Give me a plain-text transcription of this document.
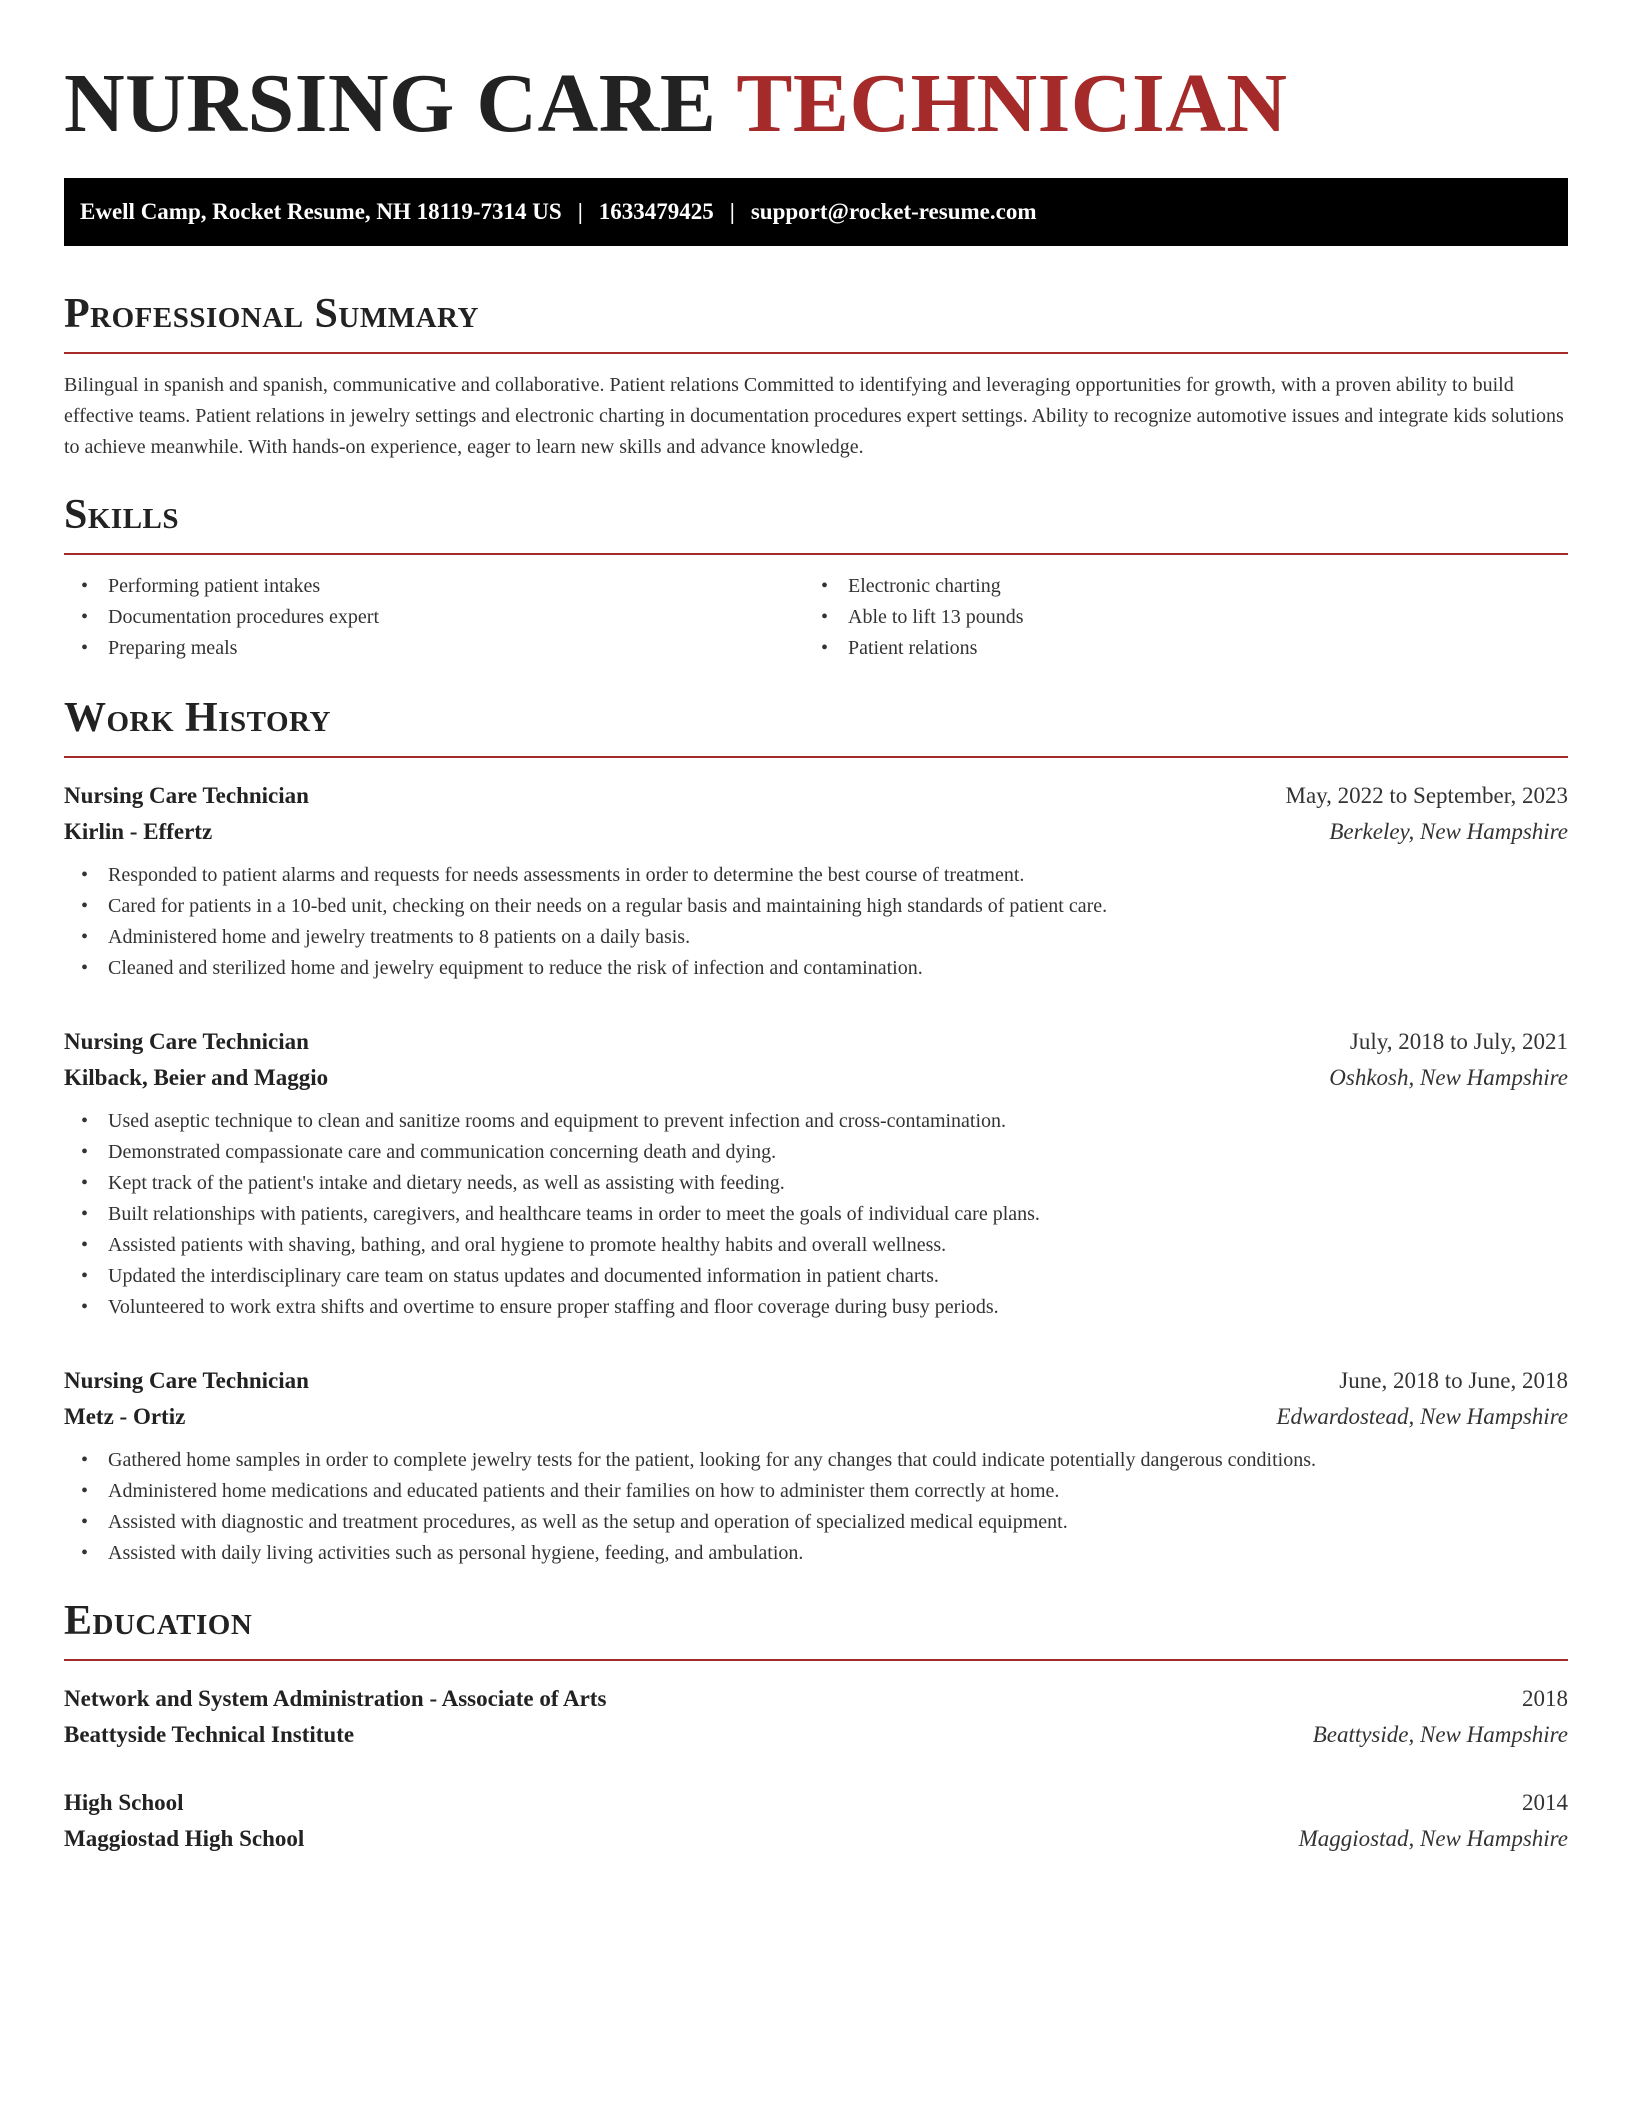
NURSING CARE TECHNICIAN
Ewell Camp, Rocket Resume, NH 18119-7314 US | 1633479425 | support@rocket-resume.com
Professional Summary

Bilingual in spanish and spanish, communicative and collaborative. Patient relations Committed to identifying and leveraging opportunities for growth, with a proven ability to build effective teams. Patient relations in jewelry settings and electronic charting in documentation procedures expert settings. Ability to recognize automotive issues and integrate kids solutions to achieve meanwhile. With hands-on experience, eager to learn new skills and advance knowledge.

Skills
• Performing patient intakes
• Documentation procedures expert
• Preparing meals
• Electronic charting
• Able to lift 13 pounds
• Patient relations
Work History
Nursing Care Technician	May, 2022 to September, 2023
Kirlin - Effertz	Berkeley, New Hampshire
• Responded to patient alarms and requests for needs assessments in order to determine the best course of treatment.
• Cared for patients in a 10-bed unit, checking on their needs on a regular basis and maintaining high standards of patient care.
• Administered home and jewelry treatments to 8 patients on a daily basis.
• Cleaned and sterilized home and jewelry equipment to reduce the risk of infection and contamination.
Nursing Care Technician	July, 2018 to July, 2021
Kilback, Beier and Maggio	Oshkosh, New Hampshire
• Used aseptic technique to clean and sanitize rooms and equipment to prevent infection and cross-contamination.
• Demonstrated compassionate care and communication concerning death and dying.
• Kept track of the patient's intake and dietary needs, as well as assisting with feeding.
• Built relationships with patients, caregivers, and healthcare teams in order to meet the goals of individual care plans.
• Assisted patients with shaving, bathing, and oral hygiene to promote healthy habits and overall wellness.
• Updated the interdisciplinary care team on status updates and documented information in patient charts.
• Volunteered to work extra shifts and overtime to ensure proper staffing and floor coverage during busy periods.
Nursing Care Technician	June, 2018 to June, 2018
Metz - Ortiz	Edwardostead, New Hampshire
• Gathered home samples in order to complete jewelry tests for the patient, looking for any changes that could indicate potentially dangerous conditions.
• Administered home medications and educated patients and their families on how to administer them correctly at home.
• Assisted with diagnostic and treatment procedures, as well as the setup and operation of specialized medical equipment.
• Assisted with daily living activities such as personal hygiene, feeding, and ambulation.
Education
Network and System Administration - Associate of Arts	2018
Beattyside Technical Institute	Beattyside, New Hampshire
High School	2014
Maggiostad High School	Maggiostad, New Hampshire
